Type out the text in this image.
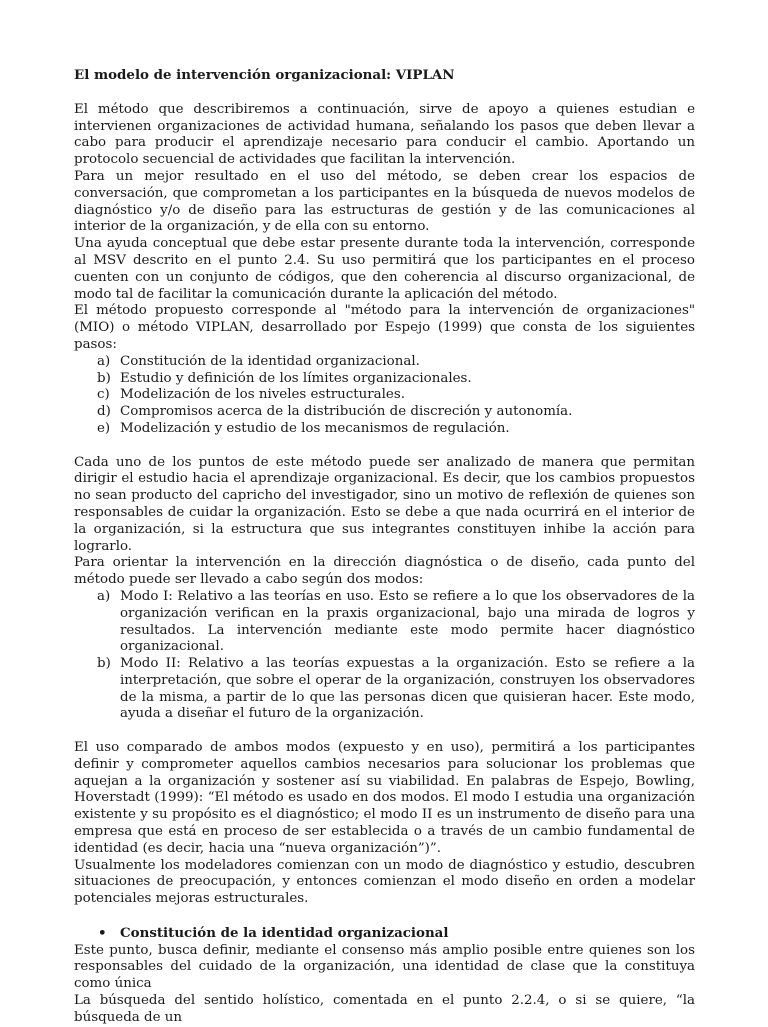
El modelo de intervención organizacional: VIPLAN

El método que describiremos a continuación, sirve de apoyo a quienes estudian e intervienen organizaciones de actividad humana, señalando los pasos que deben llevar a cabo para producir el aprendizaje necesario para conducir el cambio. Aportando un protocolo secuencial de actividades que facilitan la intervención.

Para un mejor resultado en el uso del método, se deben crear los espacios de conversación, que comprometan a los participantes en la búsqueda de nuevos modelos de diagnóstico y/o de diseño para las estructuras de gestión y de las comunicaciones al interior de la organización, y de ella con su entorno.

Una ayuda conceptual que debe estar presente durante toda la intervención, corresponde al MSV descrito en el punto 2.4. Su uso permitirá que los participantes en el proceso cuenten con un conjunto de códigos, que den coherencia al discurso organizacional, de modo tal de facilitar la comunicación durante la aplicación del método.

El método propuesto corresponde al "método para la intervención de organizaciones" (MIO) o método VIPLAN, desarrollado por Espejo (1999) que consta de los siguientes pasos:

a) Constitución de la identidad organizacional.
b) Estudio y definición de los límites organizacionales.
c) Modelización de los niveles estructurales.
d) Compromisos acerca de la distribución de discreción y autonomía.
e) Modelización y estudio de los mecanismos de regulación.

Cada uno de los puntos de este método puede ser analizado de manera que permitan dirigir el estudio hacia el aprendizaje organizacional. Es decir, que los cambios propuestos no sean producto del capricho del investigador, sino un motivo de reflexión de quienes son responsables de cuidar la organización. Esto se debe a que nada ocurrirá en el interior de la organización, si la estructura que sus integrantes constituyen inhibe la acción para lograrlo.

Para orientar la intervención en la dirección diagnóstica o de diseño, cada punto del método puede ser llevado a cabo según dos modos:

a) Modo I: Relativo a las teorías en uso. Esto se refiere a lo que los observadores de la organización verifican en la praxis organizacional, bajo una mirada de logros y resultados. La intervención mediante este modo permite hacer diagnóstico organizacional.
b) Modo II: Relativo a las teorías expuestas a la organización. Esto se refiere a la interpretación, que sobre el operar de la organización, construyen los observadores de la misma, a partir de lo que las personas dicen que quisieran hacer. Este modo, ayuda a diseñar el futuro de la organización.

El uso comparado de ambos modos (expuesto y en uso), permitirá a los participantes definir y comprometer aquellos cambios necesarios para solucionar los problemas que aquejan a la organización y sostener así su viabilidad. En palabras de Espejo, Bowling, Hoverstadt (1999): “El método es usado en dos modos. El modo I estudia una organización existente y su propósito es el diagnóstico; el modo II es un instrumento de diseño para una empresa que está en proceso de ser establecida o a través de un cambio fundamental de identidad (es decir, hacia una “nueva organización”)”.

Usualmente los modeladores comienzan con un modo de diagnóstico y estudio, descubren situaciones de preocupación, y entonces comienzan el modo diseño en orden a modelar potenciales mejoras estructurales.

• Constitución de la identidad organizacional

Este punto, busca definir, mediante el consenso más amplio posible entre quienes son los responsables del cuidado de la organización, una identidad de clase que la constituya como única

La búsqueda del sentido holístico, comentada en el punto 2.2.4, o si se quiere, “la búsqueda de un
